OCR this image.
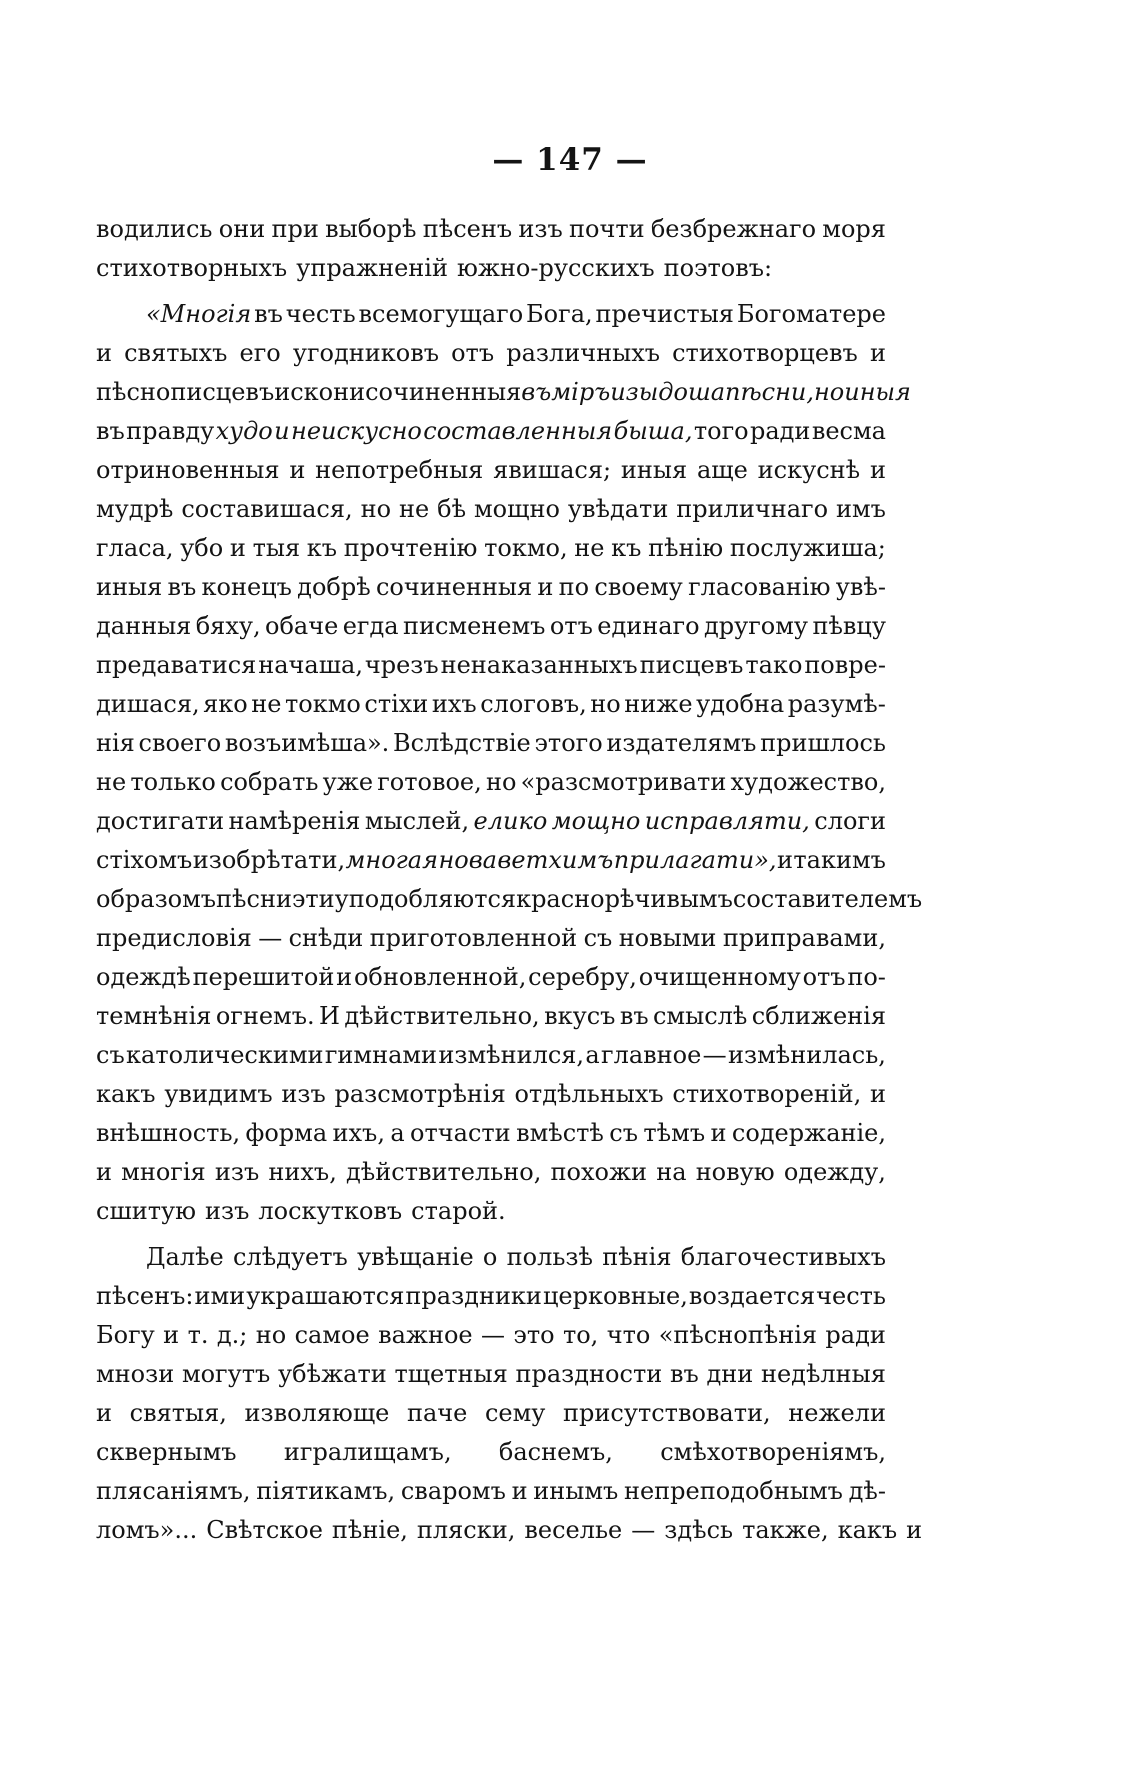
— 147 —
водились они при выборѣ пѣсенъ изъ почти безбрежнаго моря
стихотворныхъ упражненій южно-русскихъ поэтовъ:
«Многія въ честь всемогущаго Бога, пречистыя Богоматере
и святыхъ его угодниковъ отъ различныхъ стихотворцевъ и
пѣснописцевъ искони сочиненныя въ міръ изыдоша пѣсни, но иныя
въ правду худо и неискусно составленныя быша, того ради весма
отриновенныя и непотребныя явишася; иныя аще искуснѣ и
мудрѣ составишася, но не бѣ мощно увѣдати приличнаго имъ
гласа, убо и тыя къ прочтенію токмо, не къ пѣнію послужиша;
иныя въ конецъ добрѣ сочиненныя и по своему гласованію увѣ-
данныя бяху, обаче егда писменемъ отъ единаго другому пѣвцу
предаватися начаша, чрезъ ненаказанныхъ писцевъ тако повре-
дишася, яко не токмо стіхи ихъ слоговъ, но ниже удобна разумѣ-
нія своего возъимѣша». Вслѣдствіе этого издателямъ пришлось
не только собрать уже готовое, но «разсмотривати художество,
достигати намѣренія мыслей, елико мощно исправляти, слоги
стіхомъ изобрѣтати, многая нова ветхимъ прилагати», и такимъ
образомъ пѣсни эти уподобляются краснорѣчивымъ составителемъ
предисловія — снѣди приготовленной съ новыми приправами,
одеждѣ перешитой и обновленной, серебру, очищенному отъ по-
темнѣнія огнемъ. И дѣйствительно, вкусъ въ смыслѣ сближенія
съ католическими гимнами измѣнился, а главное — измѣнилась,
какъ увидимъ изъ разсмотрѣнія отдѣльныхъ стихотвореній, и
внѣшность, форма ихъ, а отчасти вмѣстѣ съ тѣмъ и содержаніе,
и многія изъ нихъ, дѣйствительно, похожи на новую одежду,
сшитую изъ лоскутковъ старой.
Далѣе слѣдуетъ увѣщаніе о пользѣ пѣнія благочестивыхъ
пѣсенъ: ими украшаются праздники церковные, воздается честь
Богу и т. д.; но самое важное — это то, что «пѣснопѣнія ради
мнози могутъ убѣжати тщетныя праздности въ дни недѣлныя
и святыя, изволяюще паче сему присутствовати, нежели
сквернымъ игралищамъ, баснемъ, смѣхотвореніямъ,
плясаніямъ, піятикамъ, сваромъ и инымъ непреподобнымъ дѣ-
ломъ»... Свѣтское пѣніе, пляски, веселье — здѣсь также, какъ и
